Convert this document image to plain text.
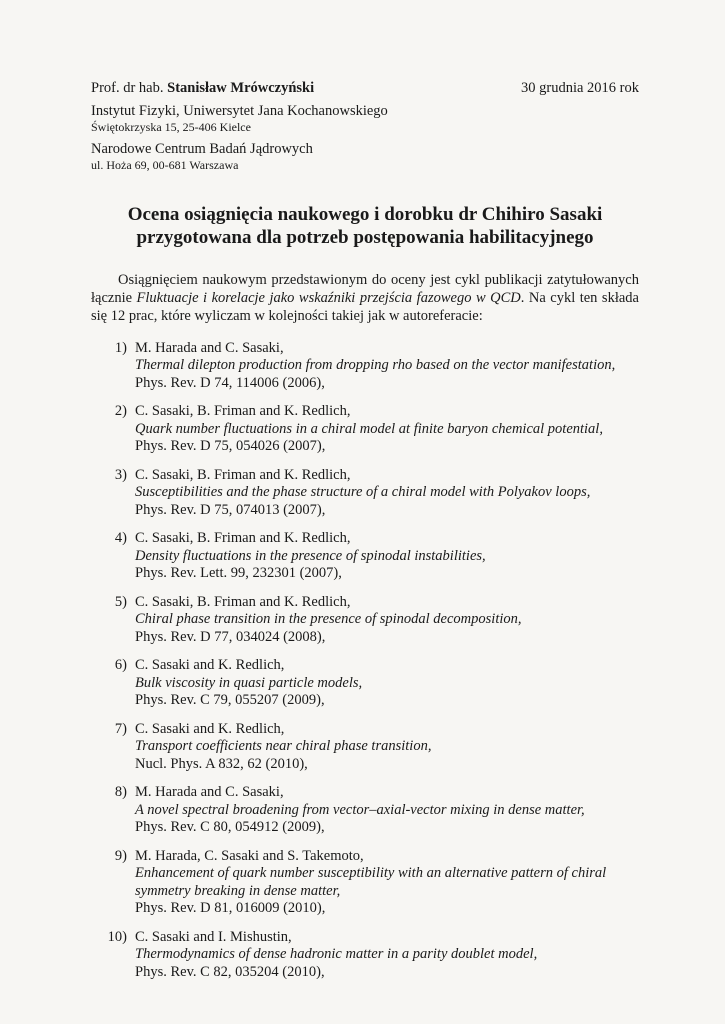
Prof. dr hab. Stanisław Mrówczyński	30 grudnia 2016 rok
Instytut Fizyki, Uniwersytet Jana Kochanowskiego
Świętokrzyska 15, 25-406 Kielce
Narodowe Centrum Badań Jądrowych
ul. Hoża 69, 00-681 Warszawa
Ocena osiągnięcia naukowego i dorobku dr Chihiro Sasaki
przygotowana dla potrzeb postępowania habilitacyjnego

Osiągnięciem naukowym przedstawionym do oceny jest cykl publikacji zatytułowanych łącznie Fluktuacje i korelacje jako wskaźniki przejścia fazowego w QCD. Na cykl ten składa się 12 prac, które wyliczam w kolejności takiej jak w autoreferacie:

1) M. Harada and C. Sasaki,
Thermal dilepton production from dropping rho based on the vector manifestation,
Phys. Rev. D 74, 114006 (2006),
2) C. Sasaki, B. Friman and K. Redlich,
Quark number fluctuations in a chiral model at finite baryon chemical potential,
Phys. Rev. D 75, 054026 (2007),
3) C. Sasaki, B. Friman and K. Redlich,
Susceptibilities and the phase structure of a chiral model with Polyakov loops,
Phys. Rev. D 75, 074013 (2007),
4) C. Sasaki, B. Friman and K. Redlich,
Density fluctuations in the presence of spinodal instabilities,
Phys. Rev. Lett. 99, 232301 (2007),
5) C. Sasaki, B. Friman and K. Redlich,
Chiral phase transition in the presence of spinodal decomposition,
Phys. Rev. D 77, 034024 (2008),
6) C. Sasaki and K. Redlich,
Bulk viscosity in quasi particle models,
Phys. Rev. C 79, 055207 (2009),
7) C. Sasaki and K. Redlich,
Transport coefficients near chiral phase transition,
Nucl. Phys. A 832, 62 (2010),
8) M. Harada and C. Sasaki,
A novel spectral broadening from vector–axial-vector mixing in dense matter,
Phys. Rev. C 80, 054912 (2009),
9) M. Harada, C. Sasaki and S. Takemoto,
Enhancement of quark number susceptibility with an alternative pattern of chiral symmetry breaking in dense matter,
Phys. Rev. D 81, 016009 (2010),
10) C. Sasaki and I. Mishustin,
Thermodynamics of dense hadronic matter in a parity doublet model,
Phys. Rev. C 82, 035204 (2010),
